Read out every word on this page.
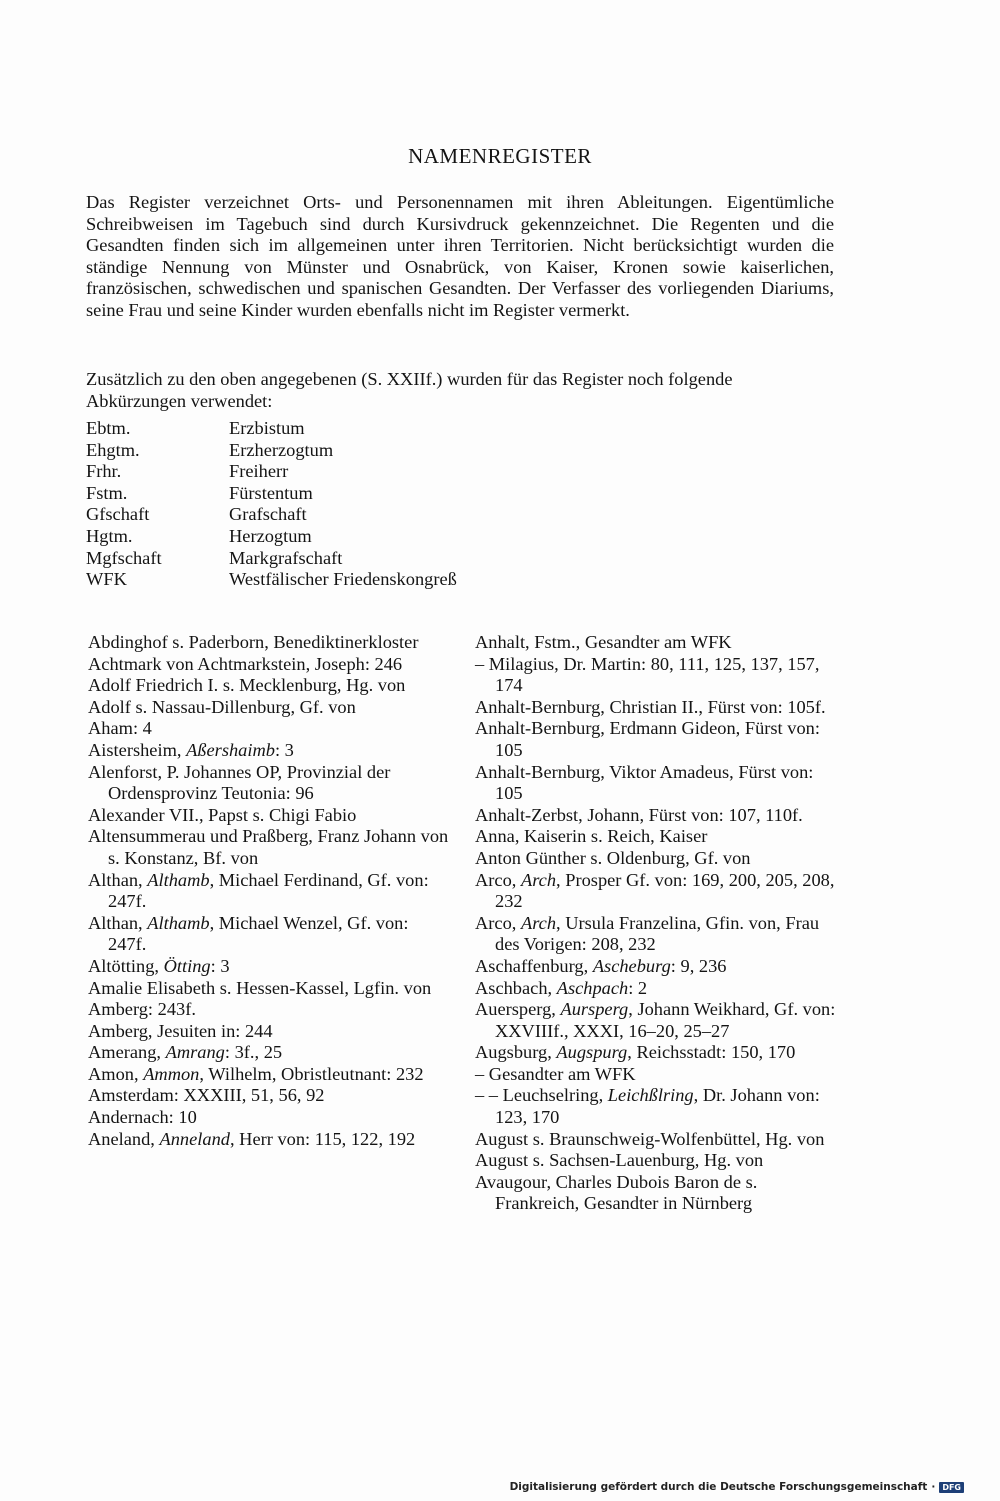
NAMENREGISTER

Das Register verzeichnet Orts- und Personennamen mit ihren Ableitungen. Eigentümliche Schreibweisen im Tagebuch sind durch Kursivdruck gekennzeichnet. Die Regenten und die Gesandten finden sich im allgemeinen unter ihren Territorien. Nicht berücksichtigt wurden die ständige Nennung von Münster und Osnabrück, von Kaiser, Kronen sowie kaiserlichen, französischen, schwedischen und spanischen Gesandten. Der Verfasser des vorliegenden Diariums, seine Frau und seine Kinder wurden ebenfalls nicht im Register vermerkt.

Zusätzlich zu den oben angegebenen (S. XXIIf.) wurden für das Register noch folgende Abkürzungen verwendet:

Ebtm.	Erzbistum
Ehgtm.	Erzherzogtum
Frhr.	Freiherr
Fstm.	Fürstentum
Gfschaft	Grafschaft
Hgtm.	Herzogtum
Mgfschaft	Markgrafschaft
WFK	Westfälischer Friedenskongreß
Abdinghof s. Paderborn, Benediktinerkloster
Achtmark von Achtmarkstein, Joseph: 246
Adolf Friedrich I. s. Mecklenburg, Hg. von
Adolf s. Nassau-Dillenburg, Gf. von
Aham: 4
Aistersheim, Aßershaimb: 3
Alenforst, P. Johannes OP, Provinzial der Ordensprovinz Teutonia: 96
Alexander VII., Papst s. Chigi Fabio
Altensummerau und Praßberg, Franz Johann von s. Konstanz, Bf. von
Althan, Althamb, Michael Ferdinand, Gf. von: 247f.
Althan, Althamb, Michael Wenzel, Gf. von: 247f.
Altötting, Ötting: 3
Amalie Elisabeth s. Hessen-Kassel, Lgfin. von
Amberg: 243f.
Amberg, Jesuiten in: 244
Amerang, Amrang: 3f., 25
Amon, Ammon, Wilhelm, Obristleutnant: 232
Amsterdam: XXXIII, 51, 56, 92
Andernach: 10
Aneland, Anneland, Herr von: 115, 122, 192
Anhalt, Fstm., Gesandter am WFK
– Milagius, Dr. Martin: 80, 111, 125, 137, 157, 174
Anhalt-Bernburg, Christian II., Fürst von: 105f.
Anhalt-Bernburg, Erdmann Gideon, Fürst von: 105
Anhalt-Bernburg, Viktor Amadeus, Fürst von: 105
Anhalt-Zerbst, Johann, Fürst von: 107, 110f.
Anna, Kaiserin s. Reich, Kaiser
Anton Günther s. Oldenburg, Gf. von
Arco, Arch, Prosper Gf. von: 169, 200, 205, 208, 232
Arco, Arch, Ursula Franzelina, Gfin. von, Frau des Vorigen: 208, 232
Aschaffenburg, Ascheburg: 9, 236
Aschbach, Aschpach: 2
Auersperg, Aursperg, Johann Weikhard, Gf. von: XXVIIIf., XXXI, 16–20, 25–27
Augsburg, Augspurg, Reichsstadt: 150, 170
– Gesandter am WFK
– – Leuchselring, Leichßlring, Dr. Johann von: 123, 170
August s. Braunschweig-Wolfenbüttel, Hg. von
August s. Sachsen-Lauenburg, Hg. von
Avaugour, Charles Dubois Baron de s. Frankreich, Gesandter in Nürnberg
Digitalisierung gefördert durch die Deutsche Forschungsgemeinschaft · DFG
